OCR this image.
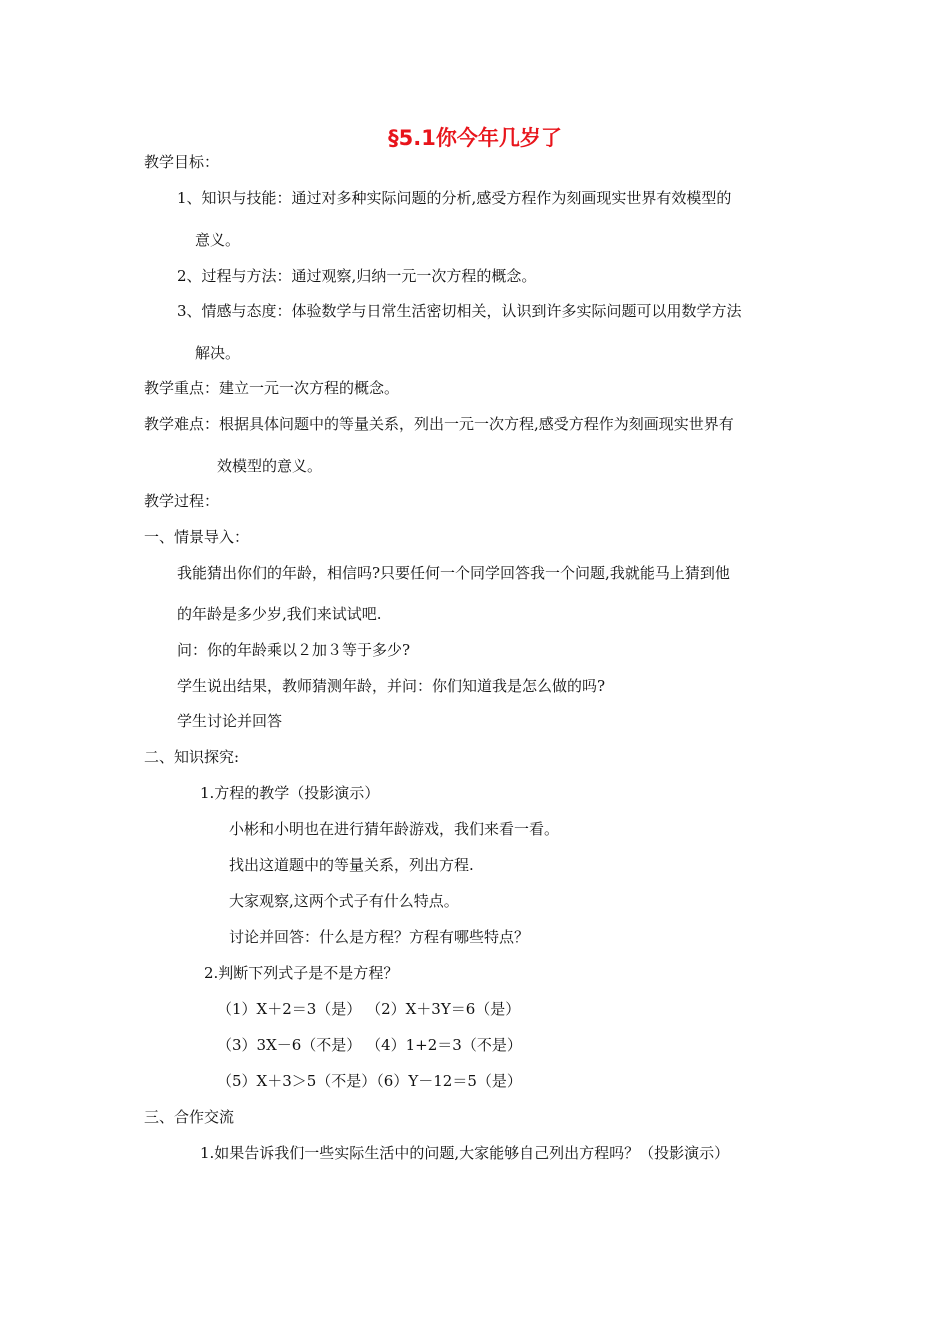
§5.1你今年几岁了
教学目标：
1、知识与技能：通过对多种实际问题的分析,感受方程作为刻画现实世界有效模型的
意义。
2、过程与方法：通过观察,归纳一元一次方程的概念。
3、情感与态度：体验数学与日常生活密切相关，认识到许多实际问题可以用数学方法
解决。
教学重点：建立一元一次方程的概念。
教学难点：根据具体问题中的等量关系，列出一元一次方程,感受方程作为刻画现实世界有
效模型的意义。
教学过程：
一、情景导入：
我能猜出你们的年龄，相信吗?只要任何一个同学回答我一个问题,我就能马上猜到他
的年龄是多少岁,我们来试试吧.
问：你的年龄乘以２加３等于多少?
学生说出结果，教师猜测年龄，并问：你们知道我是怎么做的吗?
学生讨论并回答
二、知识探究:
1.方程的教学（投影演示）
小彬和小明也在进行猜年龄游戏，我们来看一看。
找出这道题中的等量关系，列出方程.
大家观察,这两个式子有什么特点。
讨论并回答：什么是方程？方程有哪些特点？
2.判断下列式子是不是方程？
（1）X＋2＝3（是） （2）X＋3Y＝6（是）
（3）3X－6（不是） （4）1+2＝3（不是）
（5）X＋3＞5（不是）（6）Y－12＝5（是）
三、合作交流
1.如果告诉我们一些实际生活中的问题,大家能够自己列出方程吗？（投影演示）
